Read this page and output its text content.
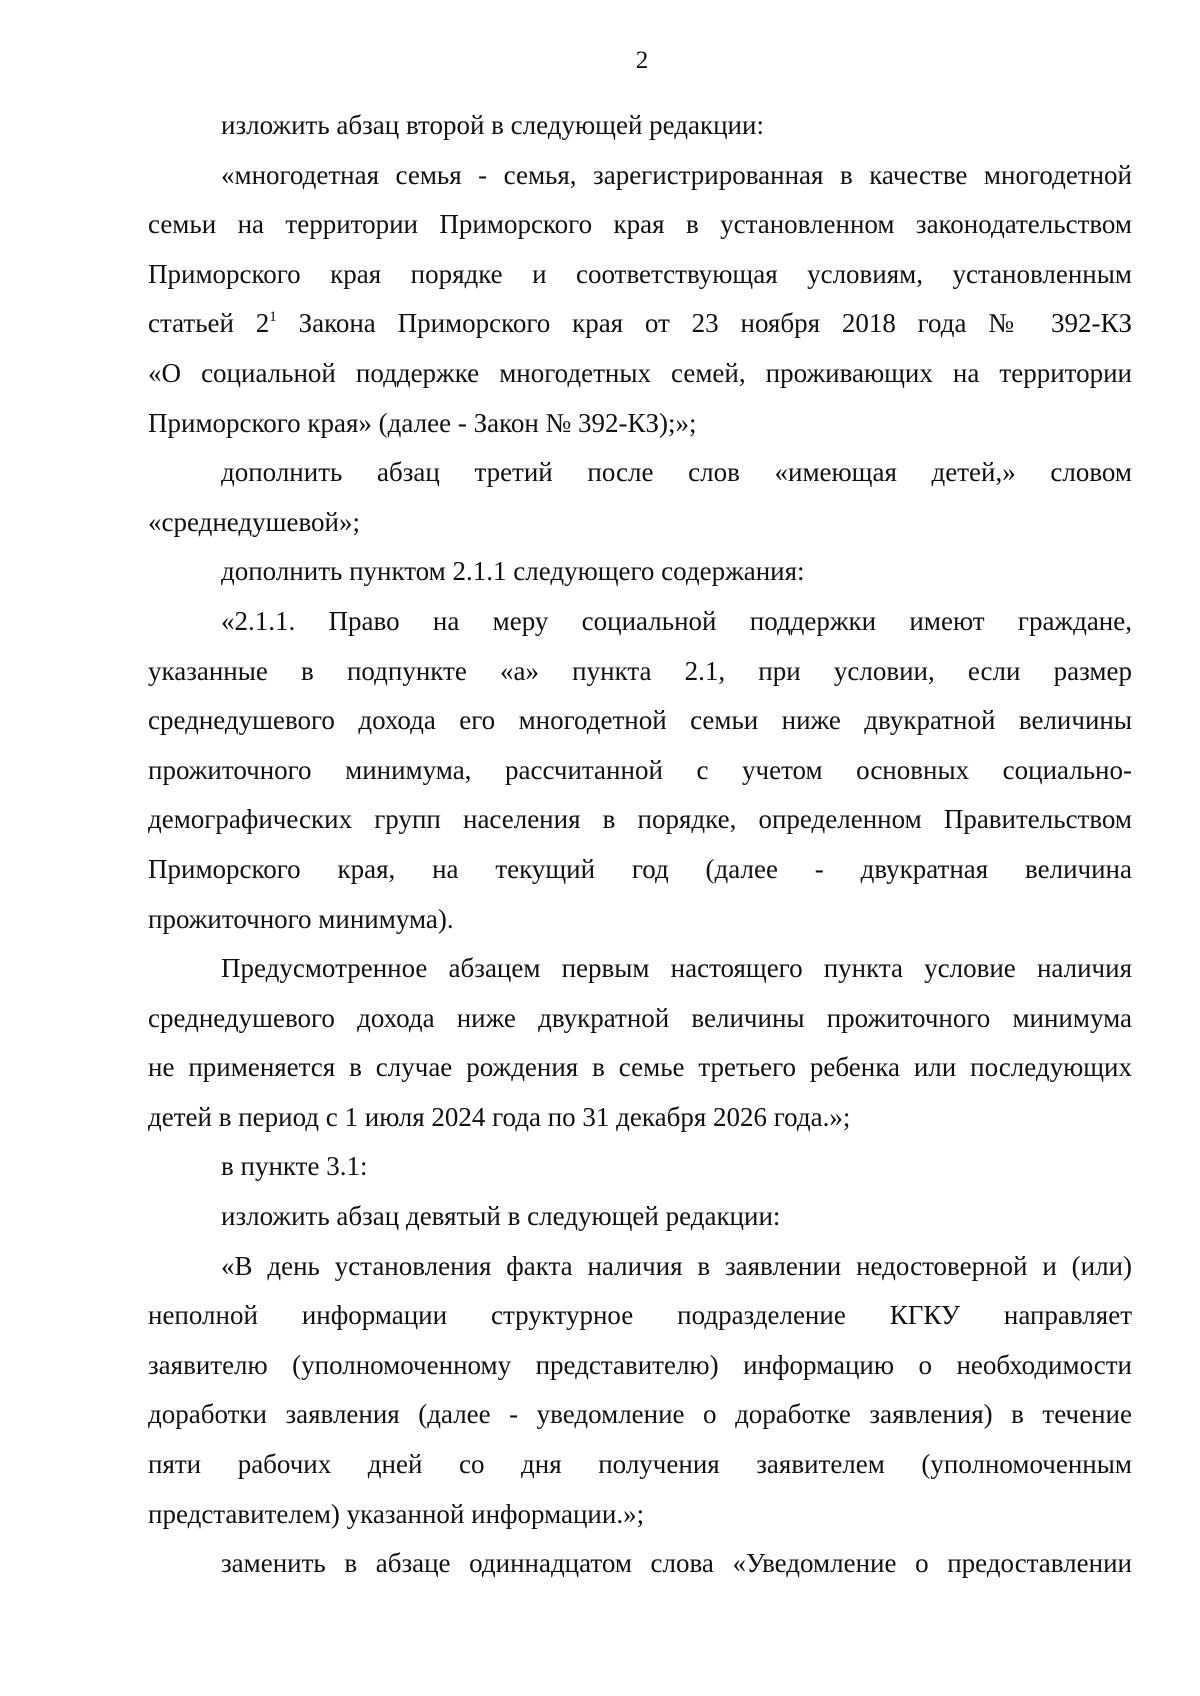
2
изложить абзац второй в следующей редакции:
«многодетная семья - семья, зарегистрированная в качестве многодетной
семьи на территории Приморского края в установленном законодательством
Приморского края порядке и соответствующая условиям, установленным
статьей $2^1$ Закона Приморского края от 23 ноября 2018 года № 392-КЗ
«О социальной поддержке многодетных семей, проживающих на территории
Приморского края» (далее - Закон № 392-КЗ);»;
дополнить абзац третий после слов «имеющая детей,» словом
«среднедушевой»;
дополнить пунктом 2.1.1 следующего содержания:
«2.1.1. Право на меру социальной поддержки имеют граждане,
указанные в подпункте «а» пункта 2.1, при условии, если размер
среднедушевого дохода его многодетной семьи ниже двукратной величины
прожиточного минимума, рассчитанной с учетом основных социально-
демографических групп населения в порядке, определенном Правительством
Приморского края, на текущий год (далее - двукратная величина
прожиточного минимума).
Предусмотренное абзацем первым настоящего пункта условие наличия
среднедушевого дохода ниже двукратной величины прожиточного минимума
не применяется в случае рождения в семье третьего ребенка или последующих
детей в период с 1 июля 2024 года по 31 декабря 2026 года.»;
в пункте 3.1:
изложить абзац девятый в следующей редакции:
«В день установления факта наличия в заявлении недостоверной и (или)
неполной информации структурное подразделение КГКУ направляет
заявителю (уполномоченному представителю) информацию о необходимости
доработки заявления (далее - уведомление о доработке заявления) в течение
пяти рабочих дней со дня получения заявителем (уполномоченным
представителем) указанной информации.»;
заменить в абзаце одиннадцатом слова «Уведомление о предоставлении
